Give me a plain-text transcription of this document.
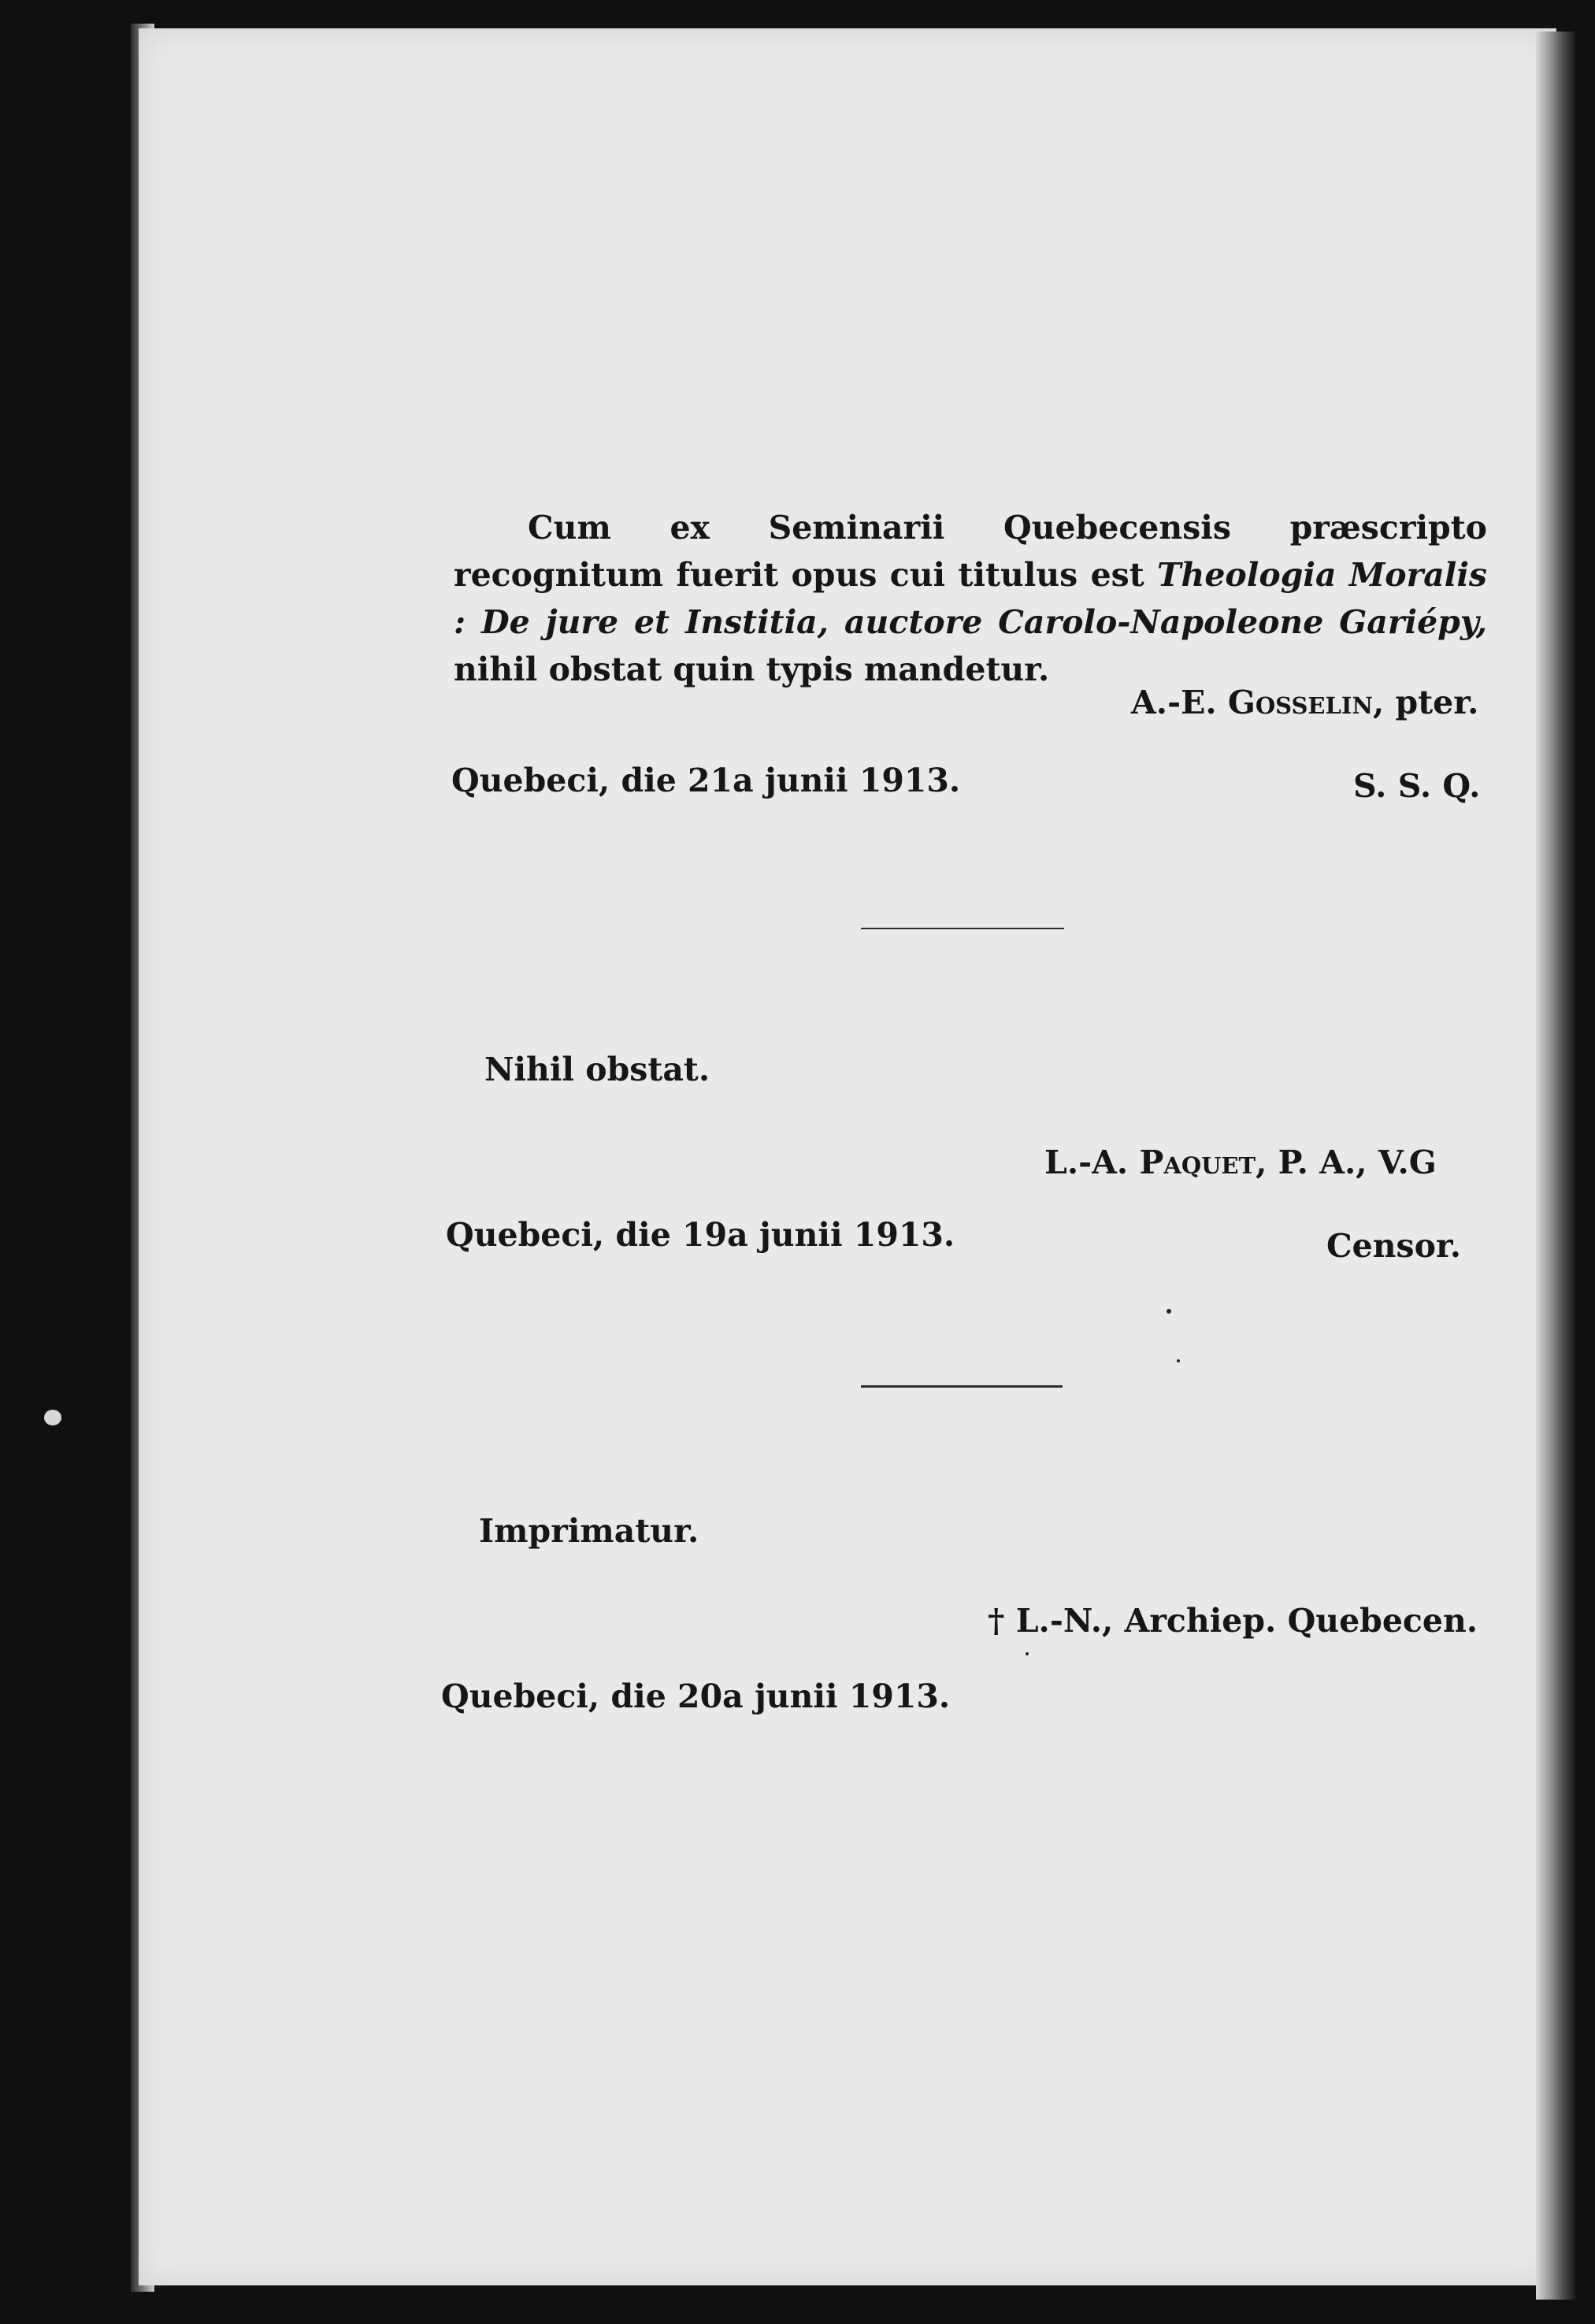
Cum ex Seminarii Quebecensis præscripto recognitum fuerit opus cui titulus est Theologia Moralis : De jure et Institia, auctore Carolo-Napoleone Gariépy, nihil obstat quin typis mandetur.
A.-E. Gosselin, pter.
Quebeci, die 21a junii 1913.	S. S. Q.
Nihil obstat.
L.-A. Paquet, P. A., V.G
Quebeci, die 19a junii 1913.	Censor.
Imprimatur.
† L.-N., Archiep. Quebecen.
Quebeci, die 20a junii 1913.
